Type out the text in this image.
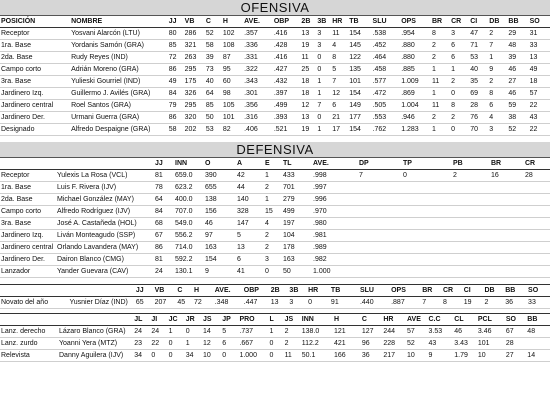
OFENSIVA
POSICIÓN	NOMBRE	JJ	VB	C	H	AVE.	OBP	2B	3B	HR	TB	SLU	OPS	BR	CR	CI	DB	BB	SO
Receptor	Yosvani Alarcón (LTU)	80	286	52	102	.357	.416	13	3	11	154	.538	.954	8	3	47	2	29	31
1ra. Base	Yordanis Samón (GRA)	85	321	58	108	.336	.428	19	3	4	145	.452	.880	2	6	71	7	48	33
2da. Base	Rudy Reyes (IND)	72	263	39	87	.331	.416	11	0	8	122	.464	.880	2	6	53	1	39	13
Campo corto	Adrián Moreno (GRA)	86	295	73	95	.322	.427	25	0	5	135	.458	.885	1	1	40	9	46	49
3ra. Base	Yulieski Gourriel (IND)	49	175	40	60	.343	.432	18	1	7	101	.577	1.009	11	2	35	2	27	18
Jardinero Izq.	Guillermo J. Avilés (GRA)	84	326	64	98	.301	.397	18	1	12	154	.472	.869	1	0	69	8	46	57
Jardinero central	Roel Santos (GRA)	79	295	85	105	.356	.499	12	7	6	149	.505	1.004	11	8	28	6	59	22
Jardinero Der.	Urmani Guerra (GRA)	86	320	50	101	.316	.393	13	0	21	177	.553	.946	2	2	76	4	38	43
Designado	Alfredo Despaigne (GRA)	58	202	53	82	.406	.521	19	1	17	154	.762	1.283	1	0	70	3	52	22
DEFENSIVA
		JJ	INN	O	A	E	TL	AVE.	DP	TP	PB	BR	CR
Receptor	Yulexis La Rosa (VCL)	81	659.0	390	42	1	433	.998	7	0	2	16	28
1ra. Base	Luis F. Rivera (IJV)	78	623.2	655	44	2	701	.997					
2da. Base	Michael González (MAY)	64	400.0	138	140	1	279	.996					
Campo corto	Alfredo Rodríguez (IJV)	84	707.0	156	328	15	499	.970					
3ra. Base	José A. Castañeda (HOL)	68	549.0	46	147	4	197	.980					
Jardinero Izq.	Liván Monteagudo (SSP)	67	556.2	97	5	2	104	.981					
Jardinero central	Orlando Lavandera (MAY)	86	714.0	163	13	2	178	.989					
Jardinero Der.	Dairon Blanco (CMG)	81	592.2	154	6	3	163	.982					
Lanzador	Yander Guevara (CAV)	24	130.1	9	41	0	50	1.000					
		JJ	VB	C	H	AVE.	OBP	2B	3B	HR	TB	SLU	OPS	BR	CR	CI	DB	BB	SO
Novato del año	Yusnier Díaz (IND)	65	207	45	72	.348	.447	13	3	0	91	.440	.887	7	8	19	2	36	33
		JL	JI	JC	JR	JS	JP	PRO	L	JS	INN	H	C	HR	AVE	C.C	CL	PCL	SO	BB
Lanz. derecho	Lázaro Blanco (GRA)	24	24	1	0	14	5	.737	1	2	138.0	121	127	244	57	3.53	46	3.46	67	48
Lanz. zurdo	Yoanni Yera (MTZ)	23	22	0	1	12	6	.667	0	2	112.2	421	96	228	52	43	3.43	101	28	
Relevista	Danny Aguilera (IJV)	34	0	0	34	10	0	1.000	0	11	50.1	166	36	217	10	9	1.79	10	27	14
